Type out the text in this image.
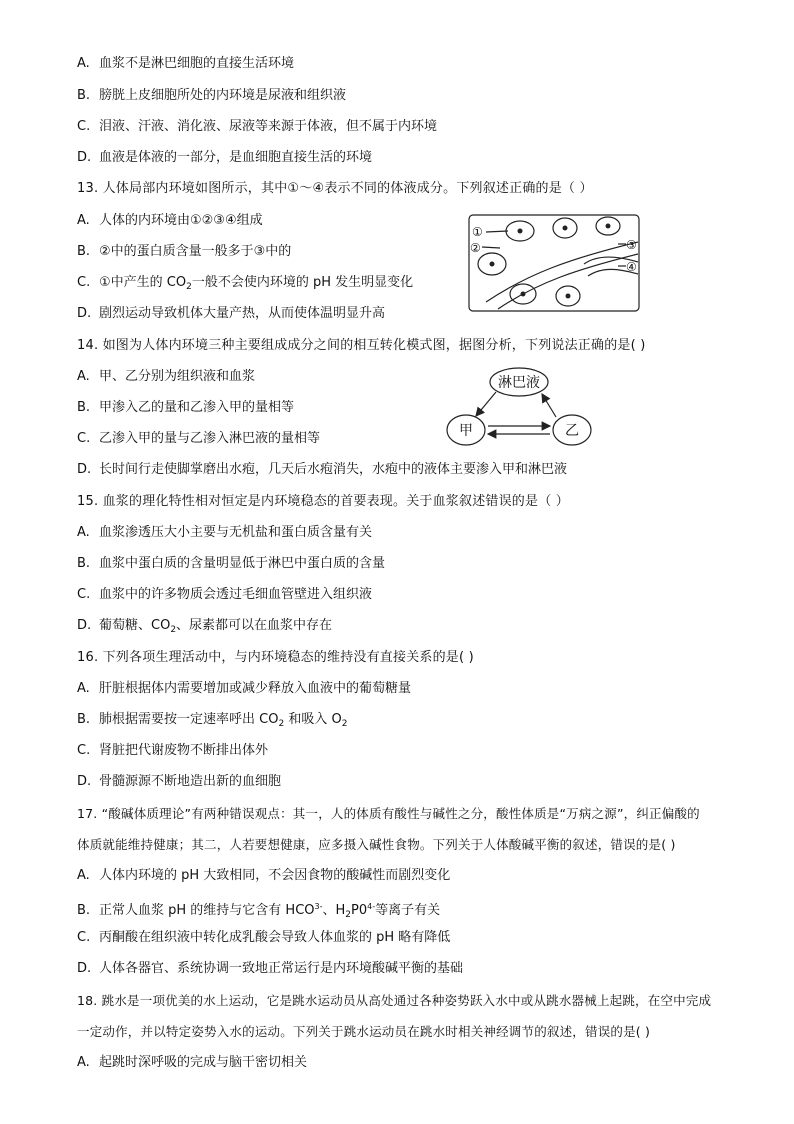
A. 血浆不是淋巴细胞的直接生活环境
B. 膀胱上皮细胞所处的内环境是尿液和组织液
C. 泪液、汗液、消化液、尿液等来源于体液，但不属于内环境
D. 血液是体液的一部分，是血细胞直接生活的环境
13. 人体局部内环境如图所示，其中①～④表示不同的体液成分。下列叙述正确的是（ ）
A. 人体的内环境由①②③④组成
B. ②中的蛋白质含量一般多于③中的
C. ①中产生的 $CO_2$一般不会使内环境的 pH 发生明显变化
D. 剧烈运动导致机体大量产热，从而使体温明显升高
①
②	③
④
14. 如图为人体内环境三种主要组成成分之间的相互转化模式图，据图分析，下列说法正确的是( )
A. 甲、乙分别为组织液和血浆
B. 甲渗入乙的量和乙渗入甲的量相等
C. 乙渗入甲的量与乙渗入淋巴液的量相等
D. 长时间行走使脚掌磨出水疱，几天后水疱消失，水疱中的液体主要渗入甲和淋巴液
淋巴液
甲	乙
15. 血浆的理化特性相对恒定是内环境稳态的首要表现。关于血浆叙述错误的是（ ）
A. 血浆渗透压大小主要与无机盐和蛋白质含量有关
B. 血浆中蛋白质的含量明显低于淋巴中蛋白质的含量
C. 血浆中的许多物质会透过毛细血管壁进入组织液
D. 葡萄糖、$CO_2$、尿素都可以在血浆中存在
16. 下列各项生理活动中，与内环境稳态的维持没有直接关系的是( )
A. 肝脏根据体内需要增加或减少释放入血液中的葡萄糖量
B. 肺根据需要按一定速率呼出 $CO_2$ 和吸入 $O_2$
C. 肾脏把代谢废物不断排出体外
D. 骨髓源源不断地造出新的血细胞
17. “酸碱体质理论”有两种错误观点：其一，人的体质有酸性与碱性之分，酸性体质是“万病之源”，纠正偏酸的
体质就能维持健康；其二，人若要想健康，应多摄入碱性食物。下列关于人体酸碱平衡的叙述，错误的是( )
A. 人体内环境的 pH 大致相同，不会因食物的酸碱性而剧烈变化
B. 正常人血浆 pH 的维持与它含有 $HCO^{3-}$、$H_2P0^{4-}$等离子有关
C. 丙酮酸在组织液中转化成乳酸会导致人体血浆的 pH 略有降低
D. 人体各器官、系统协调一致地正常运行是内环境酸碱平衡的基础
18. 跳水是一项优美的水上运动，它是跳水运动员从高处通过各种姿势跃入水中或从跳水器械上起跳，在空中完成
一定动作，并以特定姿势入水的运动。下列关于跳水运动员在跳水时相关神经调节的叙述，错误的是( )
A. 起跳时深呼吸的完成与脑干密切相关
